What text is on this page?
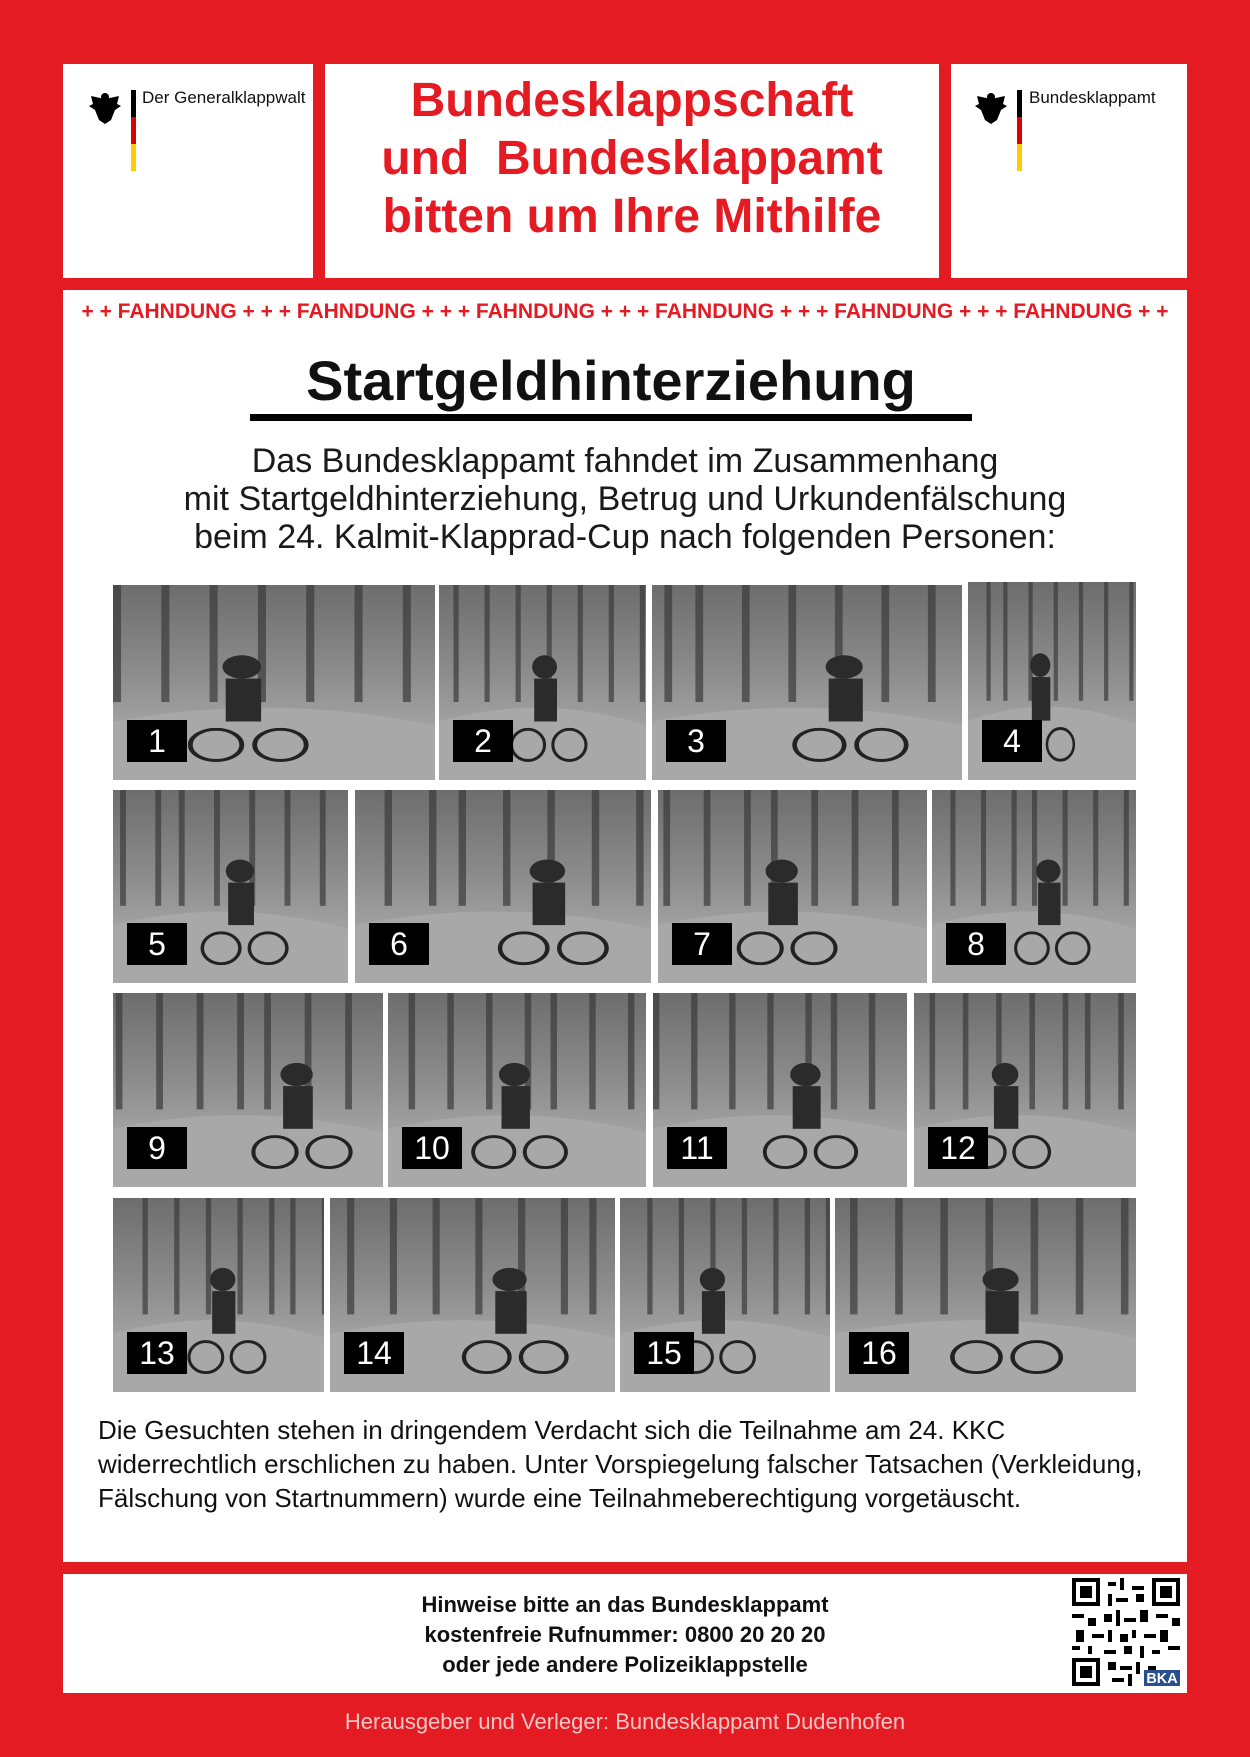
Der Generalklappwalt	Bundesklappschaft
und  Bundesklappamt
bitten um Ihre Mithilfe
Bundesklappamt
+ + FAHNDUNG + + + FAHNDUNG + + + FAHNDUNG + + + FAHNDUNG + + + FAHNDUNG + + + FAHNDUNG + +
Startgeldhinterziehung
Das Bundesklappamt fahndet im Zusammenhang
mit Startgeldhinterziehung, Betrug und Urkundenfälschung
beim 24. Kalmit-Klapprad-Cup nach folgenden Personen:
1	2	3	4
5	6	7	8
9	10	11	12
13	14	15	16
Die Gesuchten stehen in dringendem Verdacht sich die Teilnahme am 24. KKC widerrechtlich erschlichen zu haben. Unter Vorspiegelung falscher Tatsachen (Verkleidung, Fälschung von Startnummern) wurde eine Teilnahmeberechtigung vorgetäuscht.
Hinweise bitte an das Bundesklappamt
kostenfreie Rufnummer: 0800 20 20 20
oder jede andere Polizeiklappstelle
BKA
Herausgeber und Verleger: Bundesklappamt Dudenhofen
